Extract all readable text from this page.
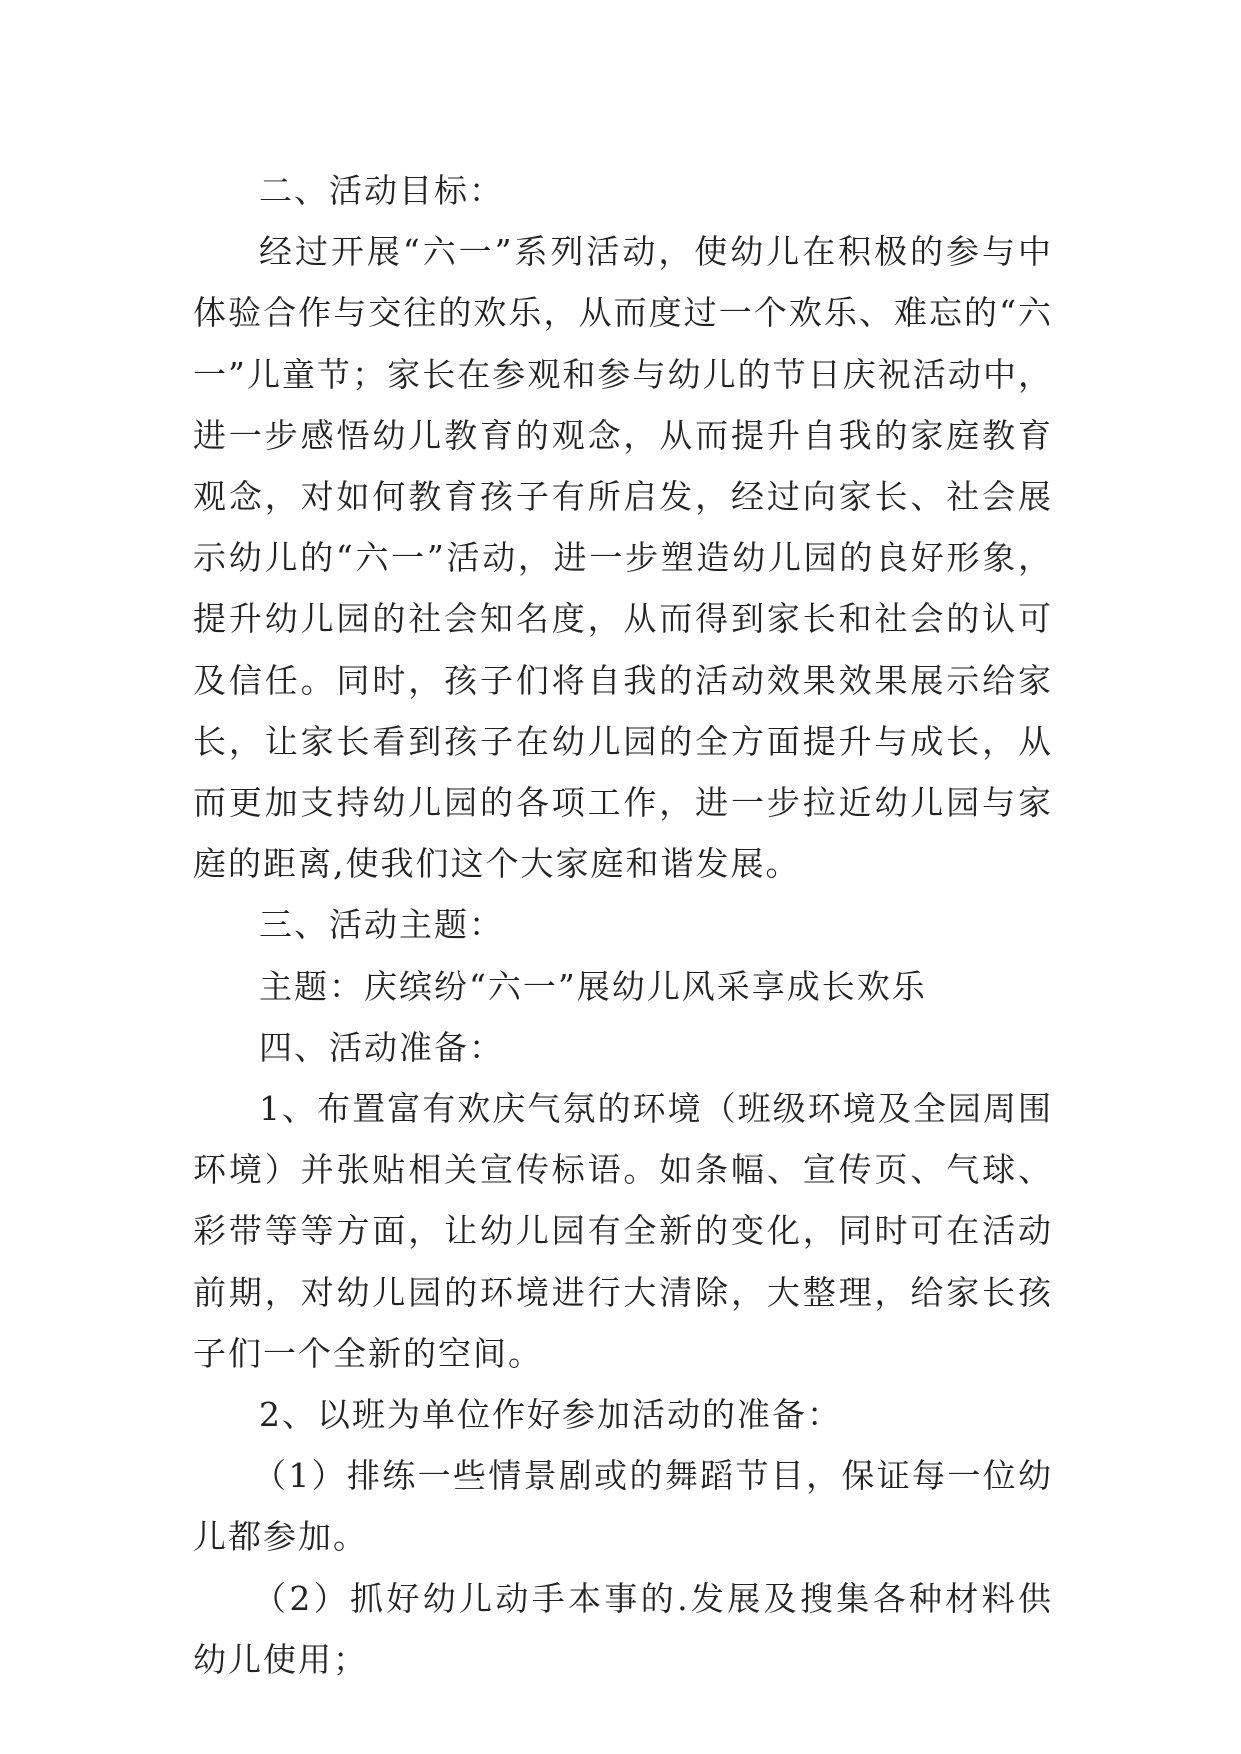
二、活动目标：

经过开展“六一”系列活动，使幼儿在积极的参与中体验合作与交往的欢乐，从而度过一个欢乐、难忘的“六一”儿童节；家长在参观和参与幼儿的节日庆祝活动中，进一步感悟幼儿教育的观念，从而提升自我的家庭教育观念，对如何教育孩子有所启发，经过向家长、社会展示幼儿的“六一”活动，进一步塑造幼儿园的良好形象，提升幼儿园的社会知名度，从而得到家长和社会的认可及信任。同时，孩子们将自我的活动效果效果展示给家长，让家长看到孩子在幼儿园的全方面提升与成长，从而更加支持幼儿园的各项工作，进一步拉近幼儿园与家庭的距离,使我们这个大家庭和谐发展。

三、活动主题：

主题：庆缤纷“六一”展幼儿风采享成长欢乐

四、活动准备：

1、布置富有欢庆气氛的环境（班级环境及全园周围环境）并张贴相关宣传标语。如条幅、宣传页、气球、彩带等等方面，让幼儿园有全新的变化，同时可在活动前期，对幼儿园的环境进行大清除，大整理，给家长孩子们一个全新的空间。

2、以班为单位作好参加活动的准备：

（1）排练一些情景剧或的舞蹈节目，保证每一位幼儿都参加。

（2）抓好幼儿动手本事的.发展及搜集各种材料供幼儿使用；
